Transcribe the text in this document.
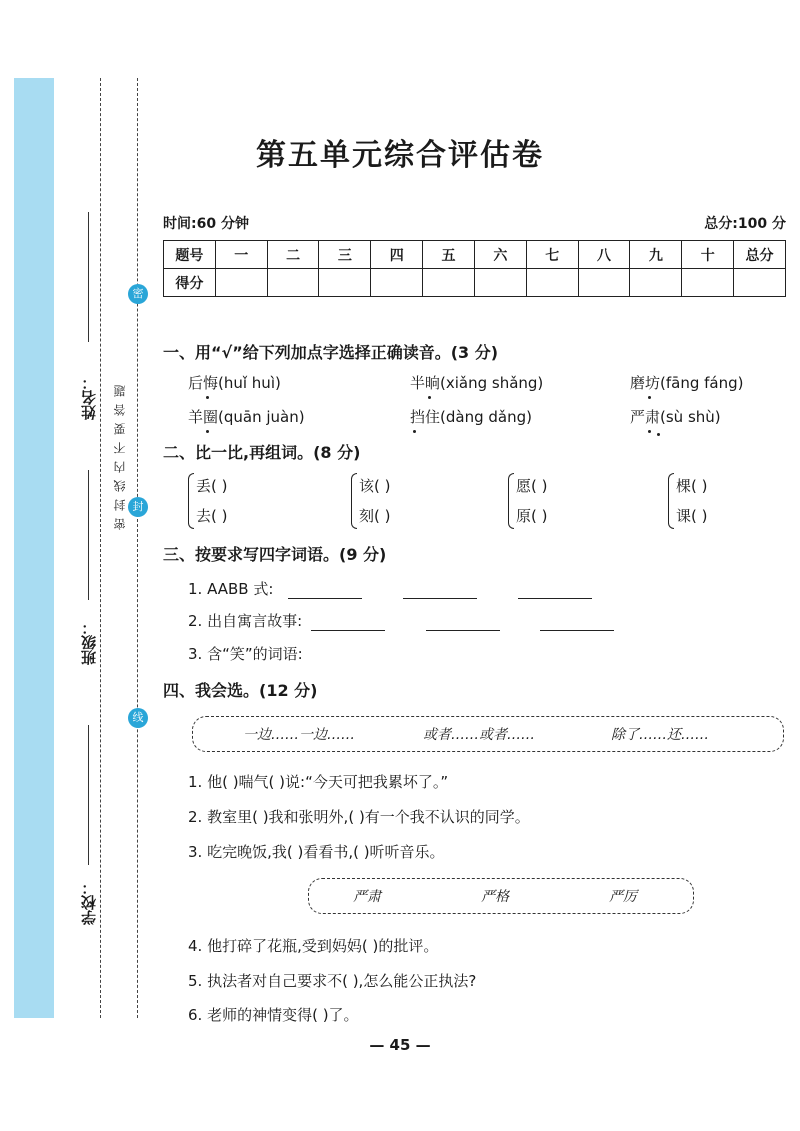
姓名：
班级：
学校：
密封线内不要答题
密
封
线
第五单元综合评估卷
时间:60 分钟	总分:100 分
题号	一	二	三	四	五	六	七	八	九	十	总分
得分											
一、用“√”给下列加点字选择正确读音。(3 分)
后悔(huǐ huì)	半晌(xiǎng shǎng)	磨坊(fāng fáng)
羊圈(quān juàn)	挡住(dàng dǎng)	严肃(sù shù)
二、比一比,再组词。(8 分)
丢( )
去( )
该( )
刻( )
愿( )
原( )
棵( )
课( )
三、按要求写四字词语。(9 分)
1. AABB 式:
2. 出自寓言故事:
3. 含“笑”的词语:
四、我会选。(12 分)
一边……一边……	或者……或者……	除了……还……
1. 他( )喘气( )说:“今天可把我累坏了。”
2. 教室里( )我和张明外,( )有一个我不认识的同学。
3. 吃完晚饭,我( )看看书,( )听听音乐。
严肃	严格	严厉
4. 他打碎了花瓶,受到妈妈( )的批评。
5. 执法者对自己要求不( ),怎么能公正执法?
6. 老师的神情变得( )了。
— 45 —
